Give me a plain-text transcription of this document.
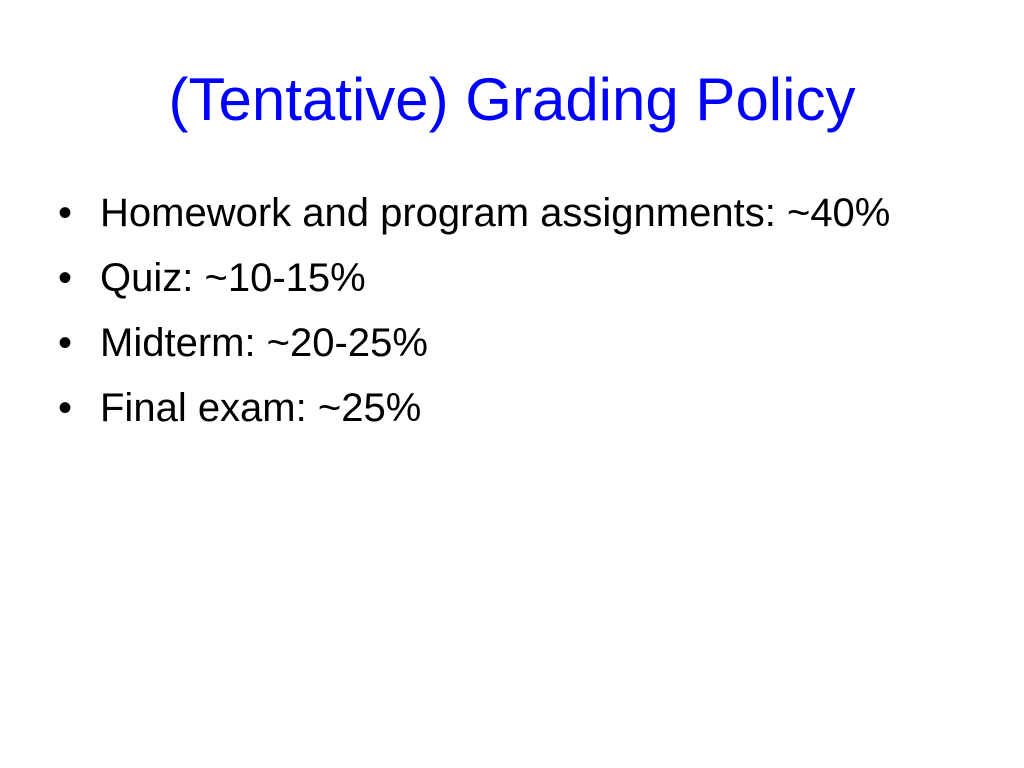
(Tentative) Grading Policy
• Homework and program assignments: ~40%
• Quiz: ~10-15%
• Midterm: ~20-25%
• Final exam: ~25%
